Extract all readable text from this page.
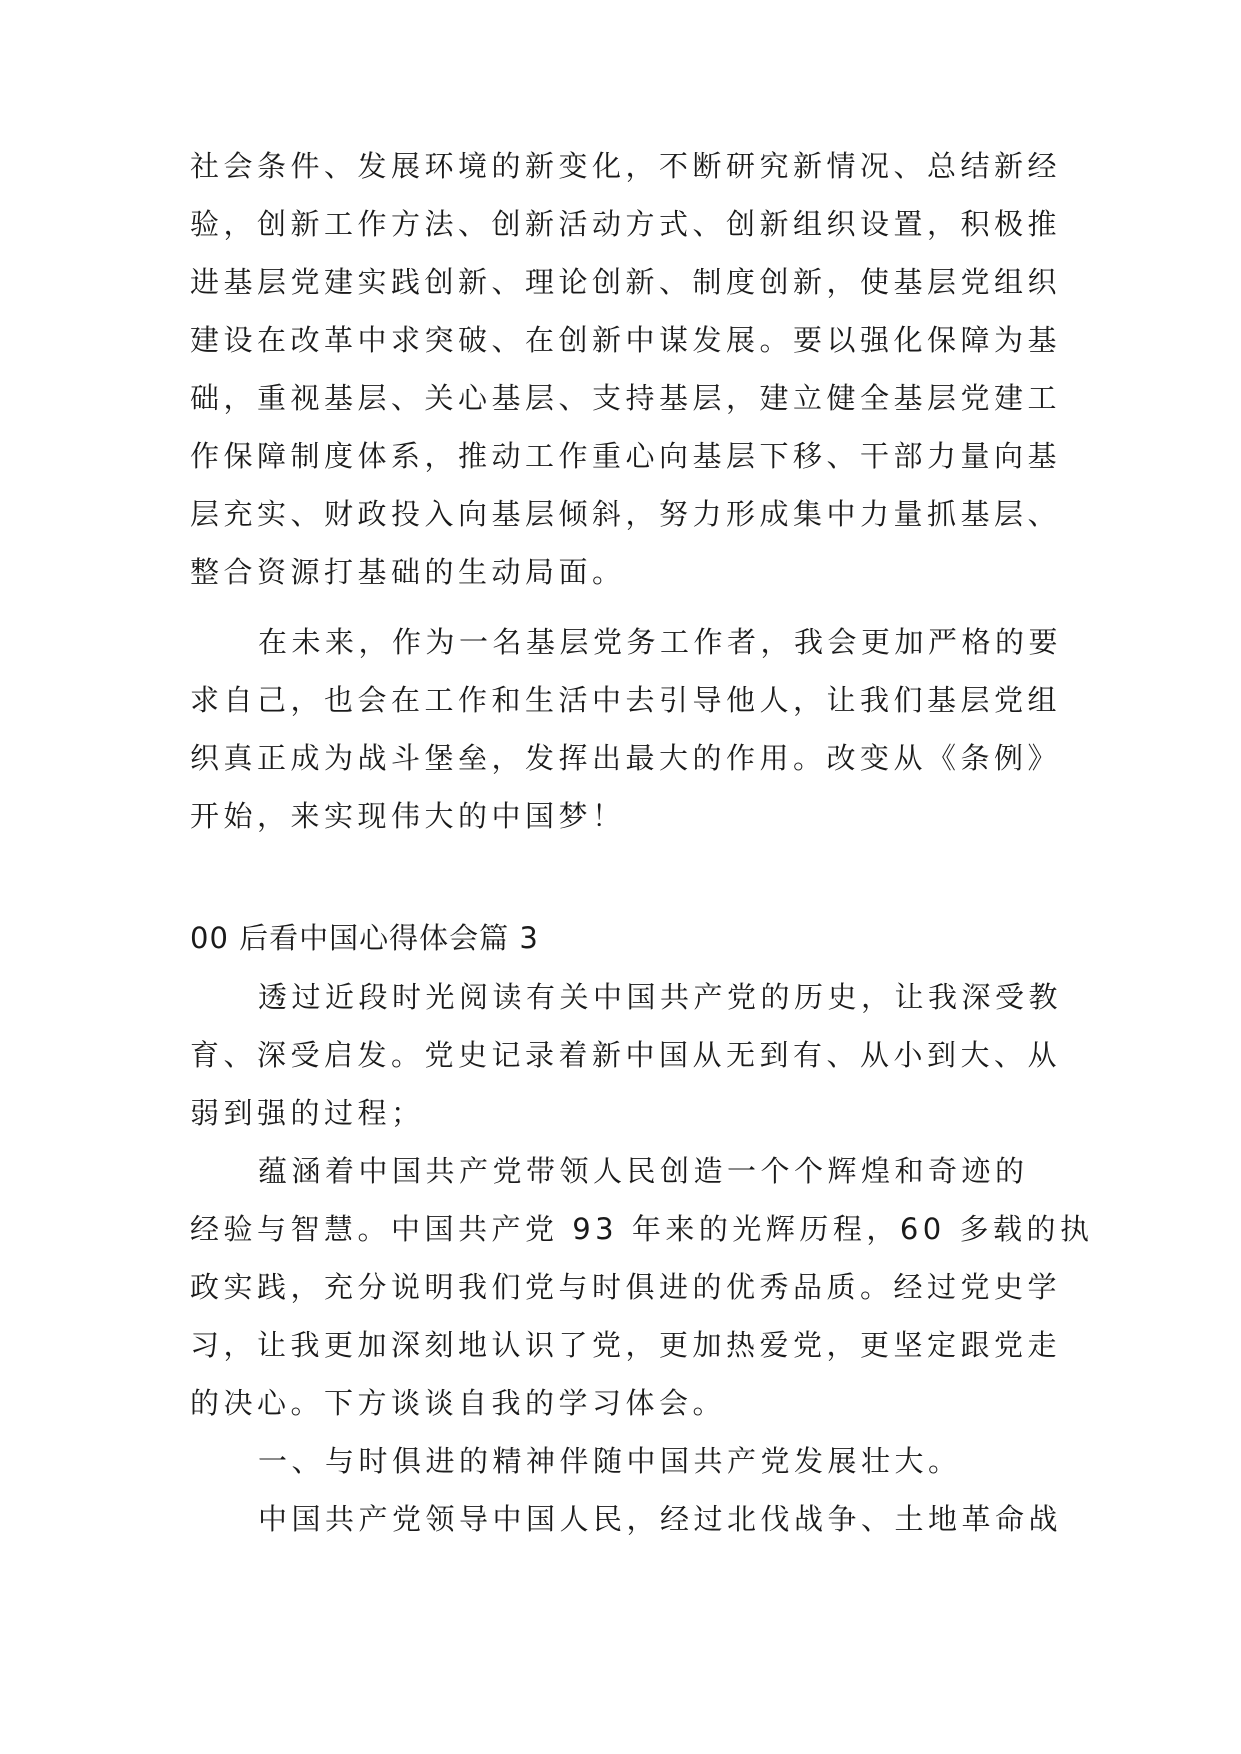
社会条件、发展环境的新变化，不断研究新情况、总结新经
验，创新工作方法、创新活动方式、创新组织设置，积极推
进基层党建实践创新、理论创新、制度创新，使基层党组织
建设在改革中求突破、在创新中谋发展。要以强化保障为基
础，重视基层、关心基层、支持基层，建立健全基层党建工
作保障制度体系，推动工作重心向基层下移、干部力量向基
层充实、财政投入向基层倾斜，努力形成集中力量抓基层、
整合资源打基础的生动局面。
在未来，作为一名基层党务工作者，我会更加严格的要
求自己，也会在工作和生活中去引导他人，让我们基层党组
织真正成为战斗堡垒，发挥出最大的作用。改变从《条例》
开始，来实现伟大的中国梦！
00 后看中国心得体会篇 3
透过近段时光阅读有关中国共产党的历史，让我深受教
育、深受启发。党史记录着新中国从无到有、从小到大、从
弱到强的过程；
蕴涵着中国共产党带领人民创造一个个辉煌和奇迹的
经验与智慧。中国共产党 93 年来的光辉历程，60 多载的执
政实践，充分说明我们党与时俱进的优秀品质。经过党史学
习，让我更加深刻地认识了党，更加热爱党，更坚定跟党走
的决心。下方谈谈自我的学习体会。
一、与时俱进的精神伴随中国共产党发展壮大。
中国共产党领导中国人民，经过北伐战争、土地革命战
